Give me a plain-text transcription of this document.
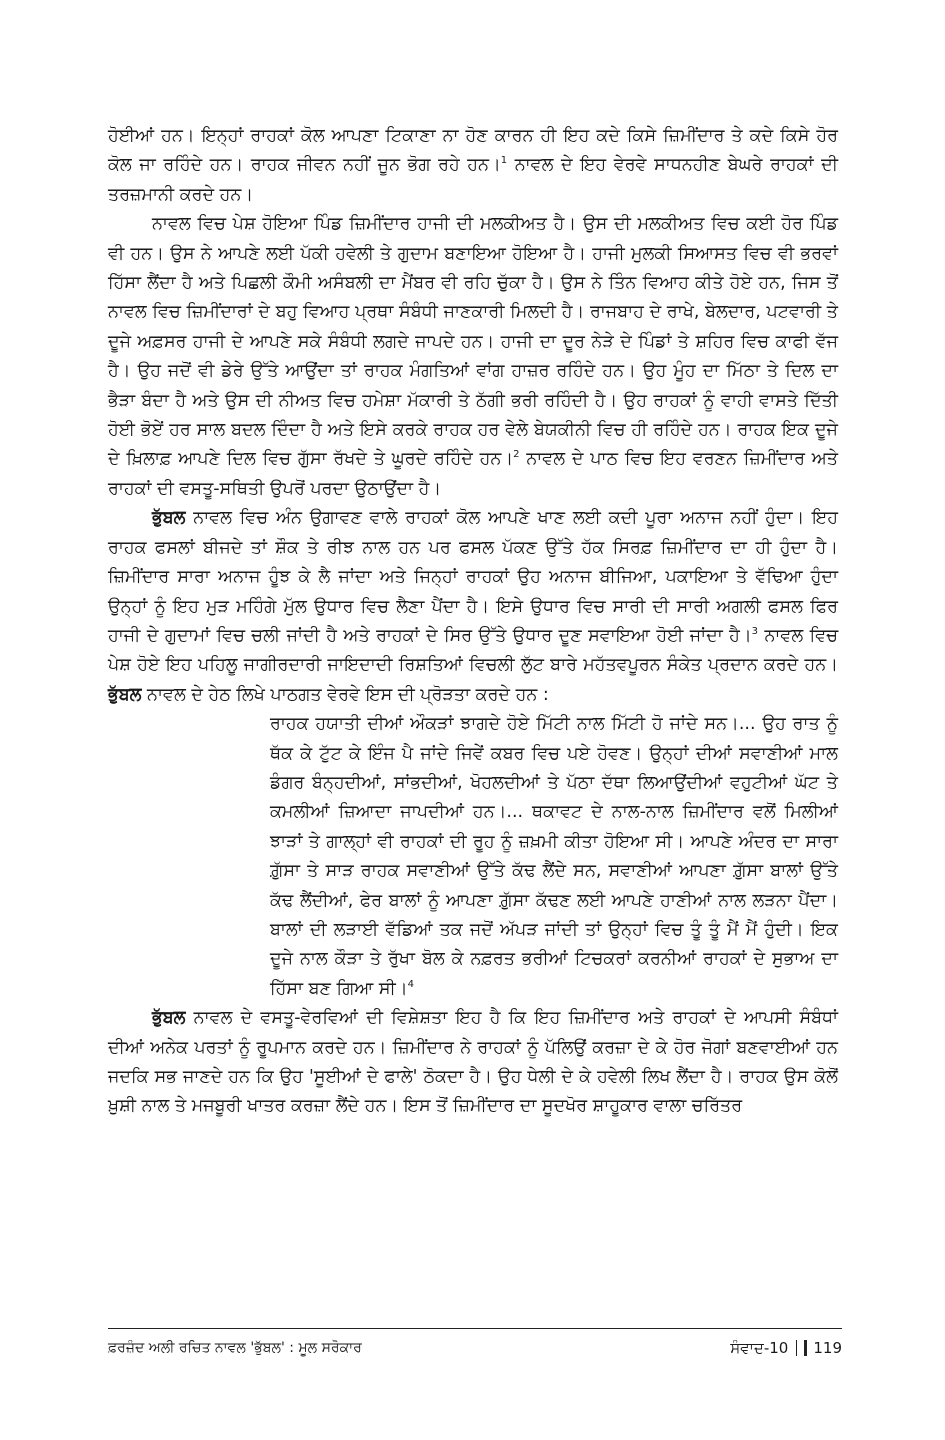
ਹੋਈਆਂ ਹਨ। ਇਨ੍ਹਾਂ ਰਾਹਕਾਂ ਕੋਲ ਆਪਣਾ ਟਿਕਾਣਾ ਨਾ ਹੋਣ ਕਾਰਨ ਹੀ ਇਹ ਕਦੇ ਕਿਸੇ ਜ਼ਿਮੀਂਦਾਰ ਤੇ ਕਦੇ ਕਿਸੇ ਹੋਰ ਕੋਲ ਜਾ ਰਹਿੰਦੇ ਹਨ। ਰਾਹਕ ਜੀਵਨ ਨਹੀਂ ਜੂਨ ਭੋਗ ਰਹੇ ਹਨ।$^1$ ਨਾਵਲ ਦੇ ਇਹ ਵੇਰਵੇ ਸਾਧਨਹੀਣ ਬੇਘਰੇ ਰਾਹਕਾਂ ਦੀ ਤਰਜ਼ਮਾਨੀ ਕਰਦੇ ਹਨ।

ਨਾਵਲ ਵਿਚ ਪੇਸ਼ ਹੋਇਆ ਪਿੰਡ ਜ਼ਿਮੀਂਦਾਰ ਹਾਜੀ ਦੀ ਮਲਕੀਅਤ ਹੈ। ਉਸ ਦੀ ਮਲਕੀਅਤ ਵਿਚ ਕਈ ਹੋਰ ਪਿੰਡ ਵੀ ਹਨ। ਉਸ ਨੇ ਆਪਣੇ ਲਈ ਪੱਕੀ ਹਵੇਲੀ ਤੇ ਗੁਦਾਮ ਬਣਾਇਆ ਹੋਇਆ ਹੈ। ਹਾਜੀ ਮੁਲਕੀ ਸਿਆਸਤ ਵਿਚ ਵੀ ਭਰਵਾਂ ਹਿੱਸਾ ਲੈਂਦਾ ਹੈ ਅਤੇ ਪਿਛਲੀ ਕੌਮੀ ਅਸੰਬਲੀ ਦਾ ਮੈਂਬਰ ਵੀ ਰਹਿ ਚੁੱਕਾ ਹੈ। ਉਸ ਨੇ ਤਿੰਨ ਵਿਆਹ ਕੀਤੇ ਹੋਏ ਹਨ, ਜਿਸ ਤੋਂ ਨਾਵਲ ਵਿਚ ਜ਼ਿਮੀਂਦਾਰਾਂ ਦੇ ਬਹੁ ਵਿਆਹ ਪ੍ਰਥਾ ਸੰਬੰਧੀ ਜਾਣਕਾਰੀ ਮਿਲਦੀ ਹੈ। ਰਾਜਬਾਹ ਦੇ ਰਾਖੇ, ਬੇਲਦਾਰ, ਪਟਵਾਰੀ ਤੇ ਦੂਜੇ ਅਫ਼ਸਰ ਹਾਜੀ ਦੇ ਆਪਣੇ ਸਕੇ ਸੰਬੰਧੀ ਲਗਦੇ ਜਾਪਦੇ ਹਨ। ਹਾਜੀ ਦਾ ਦੂਰ ਨੇੜੇ ਦੇ ਪਿੰਡਾਂ ਤੇ ਸ਼ਹਿਰ ਵਿਚ ਕਾਫੀ ਵੱਜ ਹੈ। ਉਹ ਜਦੋਂ ਵੀ ਡੇਰੇ ਉੱਤੇ ਆਉਂਦਾ ਤਾਂ ਰਾਹਕ ਮੰਗਤਿਆਂ ਵਾਂਗ ਹਾਜ਼ਰ ਰਹਿੰਦੇ ਹਨ। ਉਹ ਮੂੰਹ ਦਾ ਮਿੱਠਾ ਤੇ ਦਿਲ ਦਾ ਭੈੜਾ ਬੰਦਾ ਹੈ ਅਤੇ ਉਸ ਦੀ ਨੀਅਤ ਵਿਚ ਹਮੇਸ਼ਾ ਮੱਕਾਰੀ ਤੇ ਠੱਗੀ ਭਰੀ ਰਹਿੰਦੀ ਹੈ। ਉਹ ਰਾਹਕਾਂ ਨੂੰ ਵਾਹੀ ਵਾਸਤੇ ਦਿੱਤੀ ਹੋਈ ਭੋਏਂ ਹਰ ਸਾਲ ਬਦਲ ਦਿੰਦਾ ਹੈ ਅਤੇ ਇਸੇ ਕਰਕੇ ਰਾਹਕ ਹਰ ਵੇਲੇ ਬੇਯਕੀਨੀ ਵਿਚ ਹੀ ਰਹਿੰਦੇ ਹਨ। ਰਾਹਕ ਇਕ ਦੂਜੇ ਦੇ ਖ਼ਿਲਾਫ਼ ਆਪਣੇ ਦਿਲ ਵਿਚ ਗੁੱਸਾ ਰੱਖਦੇ ਤੇ ਘੂਰਦੇ ਰਹਿੰਦੇ ਹਨ।$^2$ ਨਾਵਲ ਦੇ ਪਾਠ ਵਿਚ ਇਹ ਵਰਣਨ ਜ਼ਿਮੀਂਦਾਰ ਅਤੇ ਰਾਹਕਾਂ ਦੀ ਵਸਤੂ-ਸਥਿਤੀ ਉਪਰੋਂ ਪਰਦਾ ਉਠਾਉਂਦਾ ਹੈ।

ਭੁੱਬਲ ਨਾਵਲ ਵਿਚ ਅੰਨ ਉਗਾਵਣ ਵਾਲੇ ਰਾਹਕਾਂ ਕੋਲ ਆਪਣੇ ਖਾਣ ਲਈ ਕਦੀ ਪੂਰਾ ਅਨਾਜ ਨਹੀਂ ਹੁੰਦਾ। ਇਹ ਰਾਹਕ ਫਸਲਾਂ ਬੀਜਦੇ ਤਾਂ ਸ਼ੌਕ ਤੇ ਰੀਝ ਨਾਲ ਹਨ ਪਰ ਫਸਲ ਪੱਕਣ ਉੱਤੇ ਹੱਕ ਸਿਰਫ਼ ਜ਼ਿਮੀਂਦਾਰ ਦਾ ਹੀ ਹੁੰਦਾ ਹੈ। ਜ਼ਿਮੀਂਦਾਰ ਸਾਰਾ ਅਨਾਜ ਹੂੰਝ ਕੇ ਲੈ ਜਾਂਦਾ ਅਤੇ ਜਿਨ੍ਹਾਂ ਰਾਹਕਾਂ ਉਹ ਅਨਾਜ ਬੀਜਿਆ, ਪਕਾਇਆ ਤੇ ਵੱਢਿਆ ਹੁੰਦਾ ਉਨ੍ਹਾਂ ਨੂੰ ਇਹ ਮੁੜ ਮਹਿੰਗੇ ਮੁੱਲ ਉਧਾਰ ਵਿਚ ਲੈਣਾ ਪੈਂਦਾ ਹੈ। ਇਸੇ ਉਧਾਰ ਵਿਚ ਸਾਰੀ ਦੀ ਸਾਰੀ ਅਗਲੀ ਫਸਲ ਫਿਰ ਹਾਜੀ ਦੇ ਗੁਦਾਮਾਂ ਵਿਚ ਚਲੀ ਜਾਂਦੀ ਹੈ ਅਤੇ ਰਾਹਕਾਂ ਦੇ ਸਿਰ ਉੱਤੇ ਉਧਾਰ ਦੂਣ ਸਵਾਇਆ ਹੋਈ ਜਾਂਦਾ ਹੈ।$^3$ ਨਾਵਲ ਵਿਚ ਪੇਸ਼ ਹੋਏ ਇਹ ਪਹਿਲੂ ਜਾਗੀਰਦਾਰੀ ਜਾਇਦਾਦੀ ਰਿਸ਼ਤਿਆਂ ਵਿਚਲੀ ਲੁੱਟ ਬਾਰੇ ਮਹੱਤਵਪੂਰਨ ਸੰਕੇਤ ਪ੍ਰਦਾਨ ਕਰਦੇ ਹਨ। ਭੁੱਬਲ ਨਾਵਲ ਦੇ ਹੇਠ ਲਿਖੇ ਪਾਠਗਤ ਵੇਰਵੇ ਇਸ ਦੀ ਪ੍ਰੋੜਤਾ ਕਰਦੇ ਹਨ :

ਰਾਹਕ ਹਯਾਤੀ ਦੀਆਂ ਔਕੜਾਂ ਝਾਗਦੇ ਹੋਏ ਮਿੱਟੀ ਨਾਲ ਮਿੱਟੀ ਹੋ ਜਾਂਦੇ ਸਨ।... ਉਹ ਰਾਤ ਨੂੰ ਥੱਕ ਕੇ ਟੁੱਟ ਕੇ ਇੰਜ ਪੈ ਜਾਂਦੇ ਜਿਵੇਂ ਕਬਰ ਵਿਚ ਪਏ ਹੋਵਣ। ਉਨ੍ਹਾਂ ਦੀਆਂ ਸਵਾਣੀਆਂ ਮਾਲ ਡੰਗਰ ਬੰਨ੍ਹਦੀਆਂ, ਸਾਂਭਦੀਆਂ, ਖੋਹਲਦੀਆਂ ਤੇ ਪੱਠਾ ਦੱਥਾ ਲਿਆਉਂਦੀਆਂ ਵਹੁਟੀਆਂ ਘੱਟ ਤੇ ਕਮਲੀਆਂ ਜ਼ਿਆਦਾ ਜਾਪਦੀਆਂ ਹਨ।... ਥਕਾਵਟ ਦੇ ਨਾਲ-ਨਾਲ ਜ਼ਿਮੀਂਦਾਰ ਵਲੋਂ ਮਿਲੀਆਂ ਝਾੜਾਂ ਤੇ ਗਾਲ੍ਹਾਂ ਵੀ ਰਾਹਕਾਂ ਦੀ ਰੂਹ ਨੂੰ ਜ਼ਖ਼ਮੀ ਕੀਤਾ ਹੋਇਆ ਸੀ। ਆਪਣੇ ਅੰਦਰ ਦਾ ਸਾਰਾ ਗ਼ੁੱਸਾ ਤੇ ਸਾੜ ਰਾਹਕ ਸਵਾਣੀਆਂ ਉੱਤੇ ਕੱਢ ਲੈਂਦੇ ਸਨ, ਸਵਾਣੀਆਂ ਆਪਣਾ ਗ਼ੁੱਸਾ ਬਾਲਾਂ ਉੱਤੇ ਕੱਢ ਲੈਂਦੀਆਂ, ਫੇਰ ਬਾਲਾਂ ਨੂੰ ਆਪਣਾ ਗ਼ੁੱਸਾ ਕੱਢਣ ਲਈ ਆਪਣੇ ਹਾਣੀਆਂ ਨਾਲ ਲੜਨਾ ਪੈਂਦਾ। ਬਾਲਾਂ ਦੀ ਲੜਾਈ ਵੱਡਿਆਂ ਤਕ ਜਦੋਂ ਅੱਪੜ ਜਾਂਦੀ ਤਾਂ ਉਨ੍ਹਾਂ ਵਿਚ ਤੂੰ ਤੂੰ ਮੈਂ ਮੈਂ ਹੁੰਦੀ। ਇਕ ਦੂਜੇ ਨਾਲ ਕੌੜਾ ਤੇ ਰੁੱਖਾ ਬੋਲ ਕੇ ਨਫ਼ਰਤ ਭਰੀਆਂ ਟਿਚਕਰਾਂ ਕਰਨੀਆਂ ਰਾਹਕਾਂ ਦੇ ਸੁਭਾਅ ਦਾ ਹਿੱਸਾ ਬਣ ਗਿਆ ਸੀ।$^4$

ਭੁੱਬਲ ਨਾਵਲ ਦੇ ਵਸਤੂ-ਵੇਰਵਿਆਂ ਦੀ ਵਿਸ਼ੇਸ਼ਤਾ ਇਹ ਹੈ ਕਿ ਇਹ ਜ਼ਿਮੀਂਦਾਰ ਅਤੇ ਰਾਹਕਾਂ ਦੇ ਆਪਸੀ ਸੰਬੰਧਾਂ ਦੀਆਂ ਅਨੇਕ ਪਰਤਾਂ ਨੂੰ ਰੂਪਮਾਨ ਕਰਦੇ ਹਨ। ਜ਼ਿਮੀਂਦਾਰ ਨੇ ਰਾਹਕਾਂ ਨੂੰ ਪੱਲਿਉਂ ਕਰਜ਼ਾ ਦੇ ਕੇ ਹੋਰ ਜੋਗਾਂ ਬਣਵਾਈਆਂ ਹਨ ਜਦਕਿ ਸਭ ਜਾਣਦੇ ਹਨ ਕਿ ਉਹ 'ਸੂਈਆਂ ਦੇ ਫਾਲੇ' ਠੋਕਦਾ ਹੈ। ਉਹ ਧੇਲੀ ਦੇ ਕੇ ਹਵੇਲੀ ਲਿਖ ਲੈਂਦਾ ਹੈ। ਰਾਹਕ ਉਸ ਕੋਲੋਂ ਖ਼ੁਸ਼ੀ ਨਾਲ ਤੇ ਮਜਬੂਰੀ ਖਾਤਰ ਕਰਜ਼ਾ ਲੈਂਦੇ ਹਨ। ਇਸ ਤੋਂ ਜ਼ਿਮੀਂਦਾਰ ਦਾ ਸੂਦਖੋਰ ਸ਼ਾਹੂਕਾਰ ਵਾਲਾ ਚਰਿੱਤਰ

ਫ਼ਰਜ਼ੰਦ ਅਲੀ ਰਚਿਤ ਨਾਵਲ 'ਭੁੱਬਲ' : ਮੂਲ ਸਰੋਕਾਰ	ਸੰਵਾਦ-10 119
